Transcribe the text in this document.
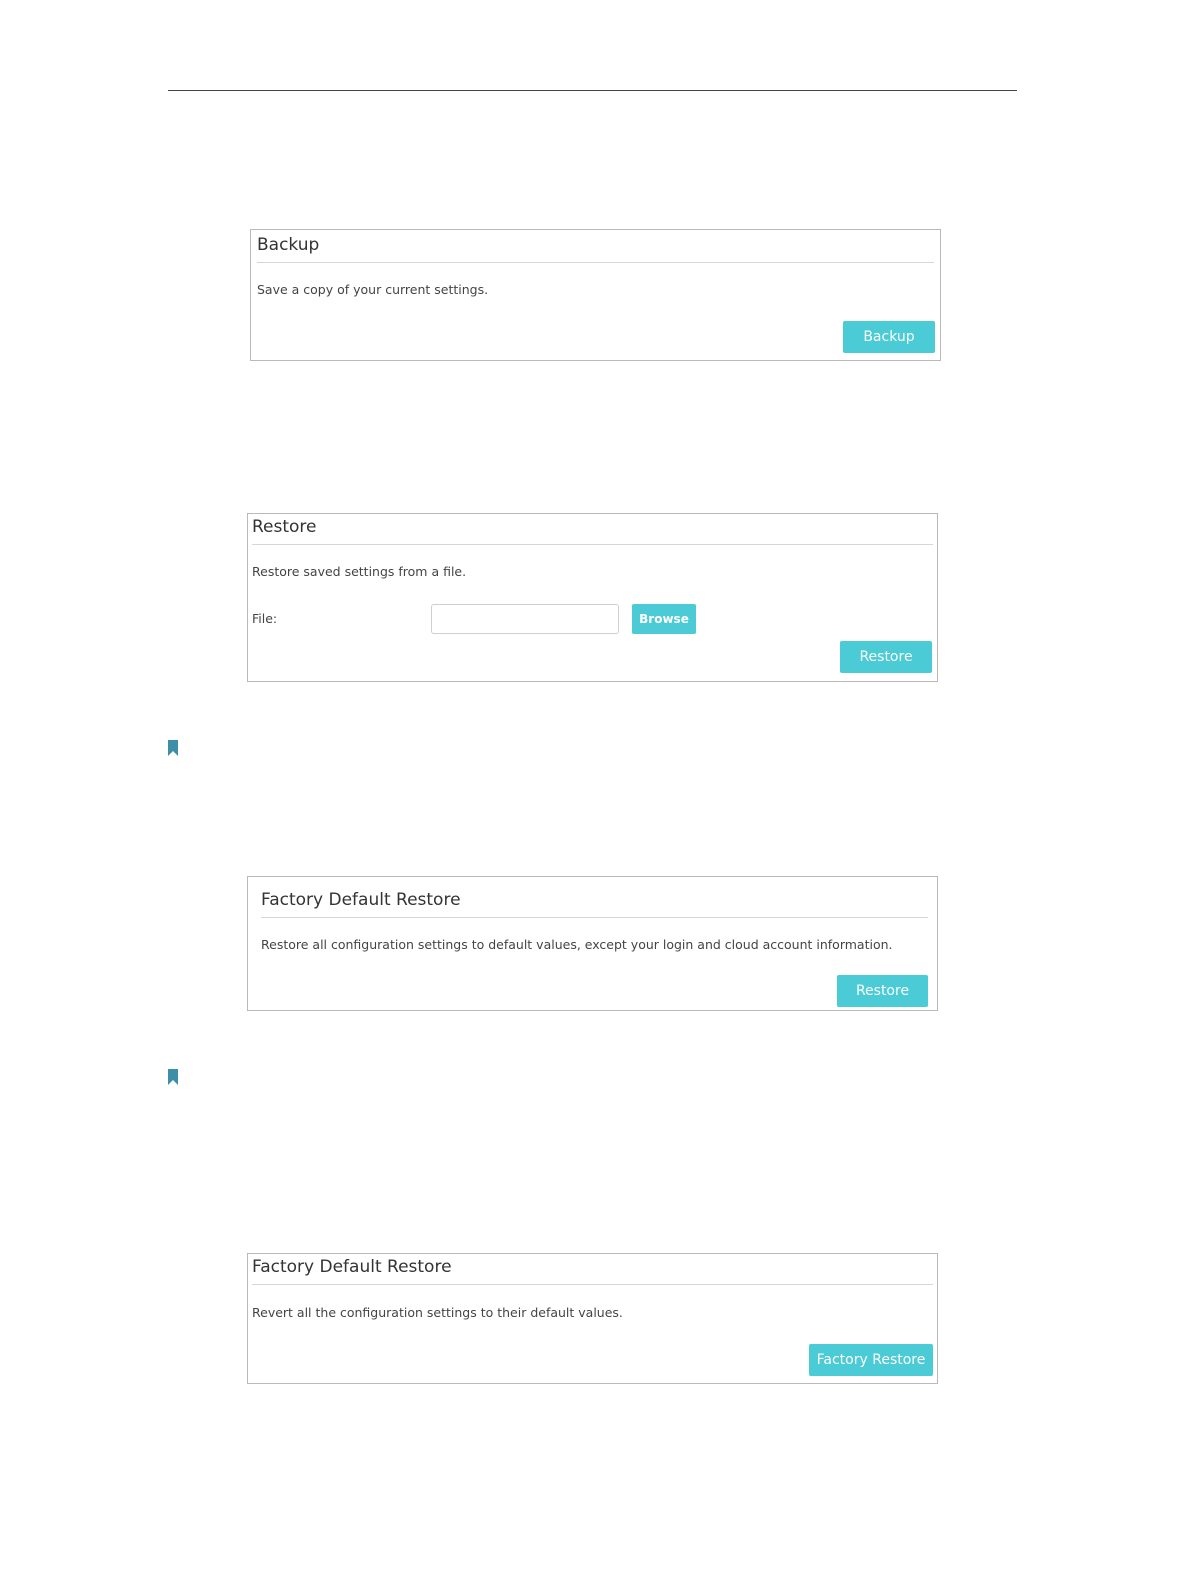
Backup
Save a copy of your current settings.
Backup
Restore
Restore saved settings from a file.
File:	Browse
Restore
Factory Default Restore
Restore all configuration settings to default values, except your login and cloud account information.
Restore
Factory Default Restore
Revert all the configuration settings to their default values.
Factory Restore
